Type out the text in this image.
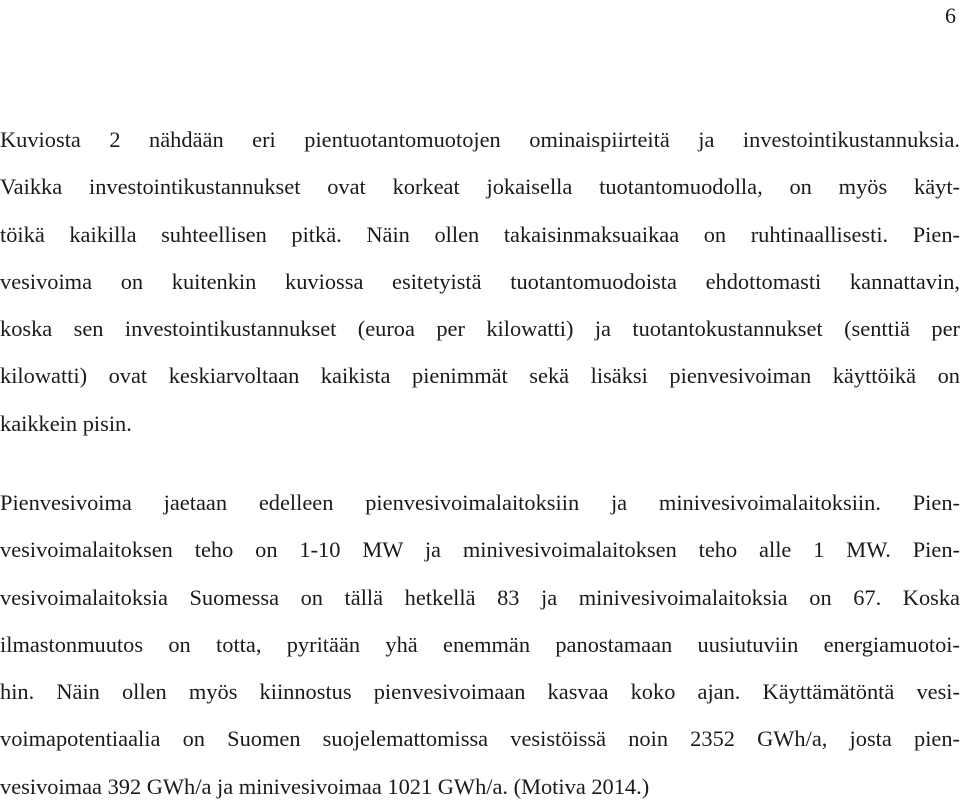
6

Kuviosta 2 nähdään eri pientuotantomuotojen ominaispiirteitä ja investointikustannuksia.
Vaikka investointikustannukset ovat korkeat jokaisella tuotantomuodolla, on myös käyt-
töikä kaikilla suhteellisen pitkä. Näin ollen takaisinmaksuaikaa on ruhtinaallisesti. Pien-
vesivoima on kuitenkin kuviossa esitetyistä tuotantomuodoista ehdottomasti kannattavin,
koska sen investointikustannukset (euroa per kilowatti) ja tuotantokustannukset (senttiä per
kilowatti) ovat keskiarvoltaan kaikista pienimmät sekä lisäksi pienvesivoiman käyttöikä on
kaikkein pisin.

Pienvesivoima jaetaan edelleen pienvesivoimalaitoksiin ja minivesivoimalaitoksiin. Pien-
vesivoimalaitoksen teho on 1-10 MW ja minivesivoimalaitoksen teho alle 1 MW. Pien-
vesivoimalaitoksia Suomessa on tällä hetkellä 83 ja minivesivoimalaitoksia on 67. Koska
ilmastonmuutos on totta, pyritään yhä enemmän panostamaan uusiutuviin energiamuotoi-
hin. Näin ollen myös kiinnostus pienvesivoimaan kasvaa koko ajan. Käyttämätöntä vesi-
voimapotentiaalia on Suomen suojelemattomissa vesistöissä noin 2352 GWh/a, josta pien-
vesivoimaa 392 GWh/a ja minivesivoimaa 1021 GWh/a. (Motiva 2014.)
